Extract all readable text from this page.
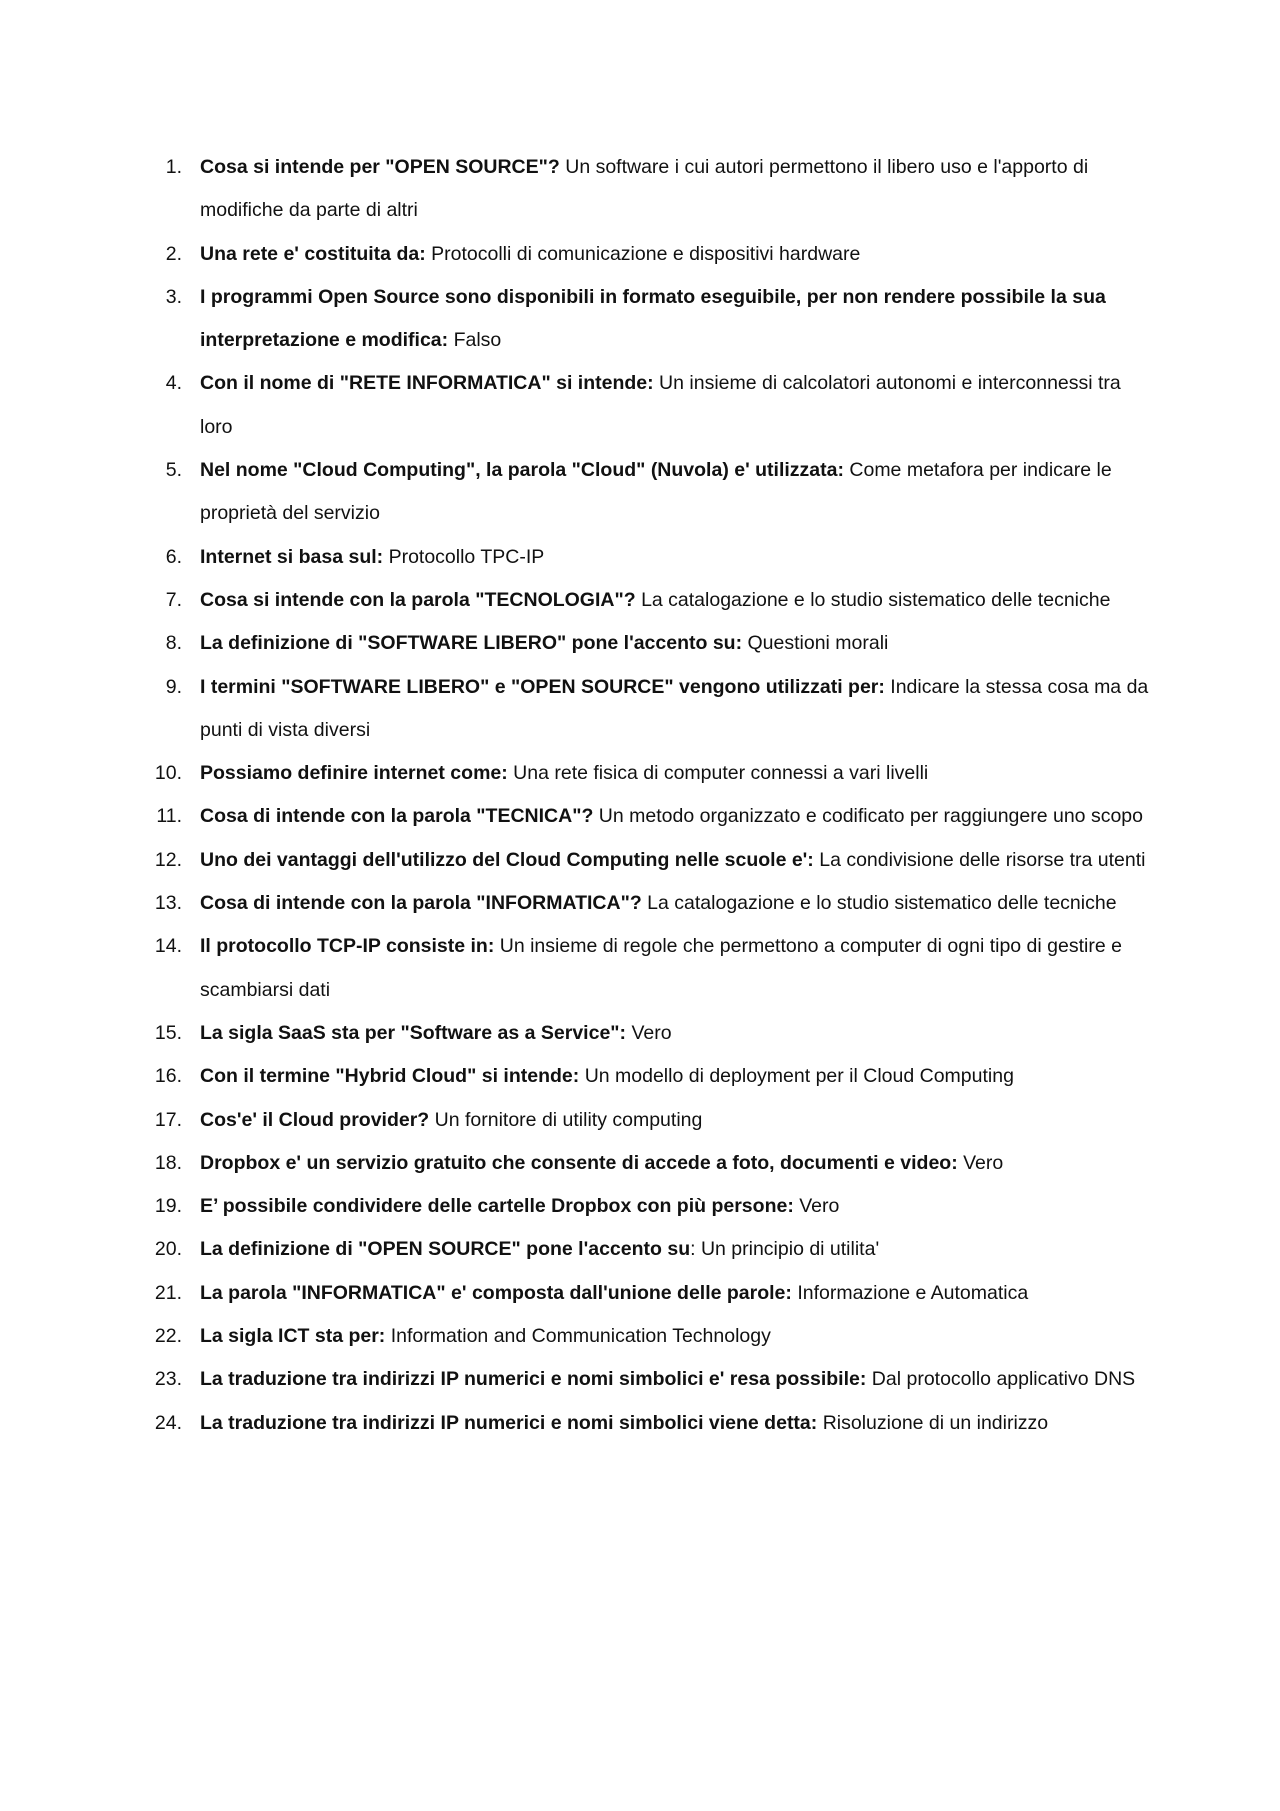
1. Cosa si intende per "OPEN SOURCE"? Un software i cui autori permettono il libero uso e l'apporto di modifiche da parte di altri
2. Una rete e' costituita da: Protocolli di comunicazione e dispositivi hardware
3. I programmi Open Source sono disponibili in formato eseguibile, per non rendere possibile la sua interpretazione e modifica: Falso
4. Con il nome di "RETE INFORMATICA" si intende: Un insieme di calcolatori autonomi e interconnessi tra loro
5. Nel nome "Cloud Computing", la parola "Cloud" (Nuvola) e' utilizzata: Come metafora per indicare le proprietà del servizio
6. Internet si basa sul: Protocollo TPC-IP
7. Cosa si intende con la parola "TECNOLOGIA"? La catalogazione e lo studio sistematico delle tecniche
8. La definizione di "SOFTWARE LIBERO" pone l'accento su: Questioni morali
9. I termini "SOFTWARE LIBERO" e "OPEN SOURCE" vengono utilizzati per: Indicare la stessa cosa ma da punti di vista diversi
10. Possiamo definire internet come: Una rete fisica di computer connessi a vari livelli
11. Cosa di intende con la parola "TECNICA"? Un metodo organizzato e codificato per raggiungere uno scopo
12. Uno dei vantaggi dell'utilizzo del Cloud Computing nelle scuole e': La condivisione delle risorse tra utenti
13. Cosa di intende con la parola "INFORMATICA"? La catalogazione e lo studio sistematico delle tecniche
14. Il protocollo TCP-IP consiste in: Un insieme di regole che permettono a computer di ogni tipo di gestire e scambiarsi dati
15. La sigla SaaS sta per "Software as a Service": Vero
16. Con il termine "Hybrid Cloud" si intende: Un modello di deployment per il Cloud Computing
17. Cos'e' il Cloud provider? Un fornitore di utility computing
18. Dropbox e' un servizio gratuito che consente di accede a foto, documenti e video: Vero
19. E’ possibile condividere delle cartelle Dropbox con più persone: Vero
20. La definizione di "OPEN SOURCE" pone l'accento su: Un principio di utilita'
21. La parola "INFORMATICA" e' composta dall'unione delle parole: Informazione e Automatica
22. La sigla ICT sta per: Information and Communication Technology
23. La traduzione tra indirizzi IP numerici e nomi simbolici e' resa possibile: Dal protocollo applicativo DNS
24. La traduzione tra indirizzi IP numerici e nomi simbolici viene detta: Risoluzione di un indirizzo
